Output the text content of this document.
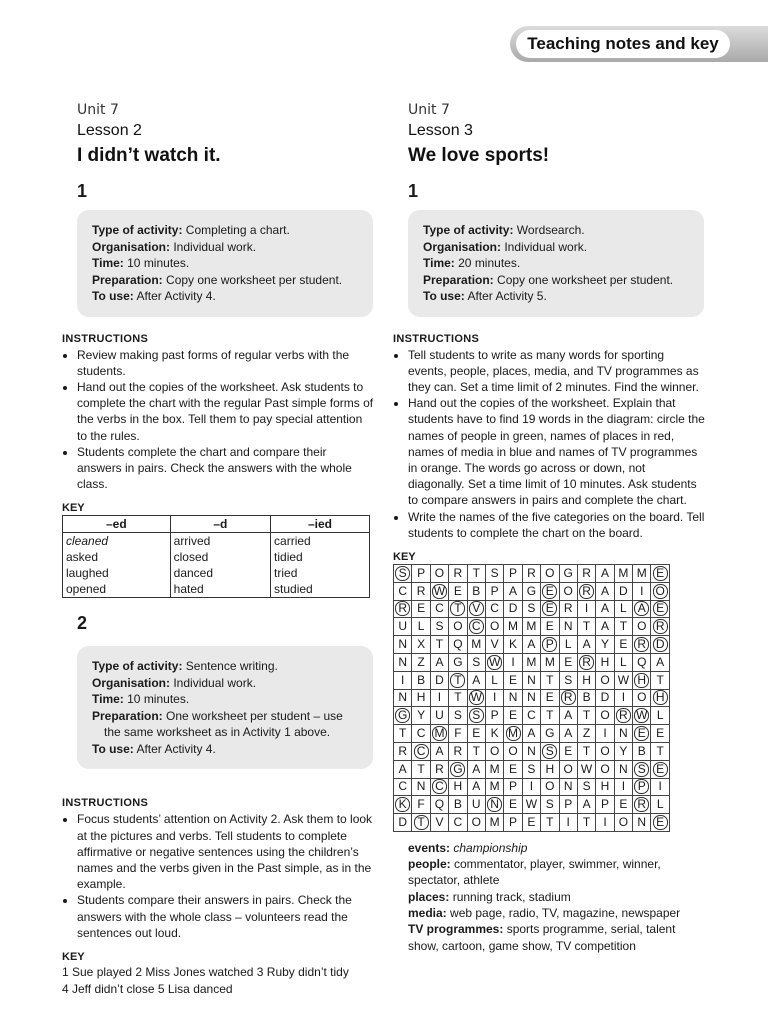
Teaching notes and key
Unit 7
Lesson 2
I didn’t watch it.
1
Type of activity: Completing a chart.
Organisation: Individual work.
Time: 10 minutes.
Preparation: Copy one worksheet per student.
To use: After Activity 4.
INSTRUCTIONS
• Review making past forms of regular verbs with the students.
• Hand out the copies of the worksheet. Ask students to complete the chart with the regular Past simple forms of the verbs in the box. Tell them to pay special attention to the rules.
• Students complete the chart and compare their answers in pairs. Check the answers with the whole class.
KEY
–ed	–d	–ied
cleaned	arrived	carried
asked	closed	tidied
laughed	danced	tried
opened	hated	studied
2
Type of activity: Sentence writing.
Organisation: Individual work.
Time: 10 minutes.
Preparation: One worksheet per student – use
the same worksheet as in Activity 1 above.
To use: After Activity 4.
INSTRUCTIONS
• Focus students’ attention on Activity 2. Ask them to look at the pictures and verbs. Tell students to complete affirmative or negative sentences using the children’s names and the verbs given in the Past simple, as in the example.
• Students compare their answers in pairs. Check the answers with the whole class – volunteers read the sentences out loud.
KEY
1 Sue played 2 Miss Jones watched 3 Ruby didn’t tidy
4 Jeff didn’t close 5 Lisa danced
Unit 7
Lesson 3
We love sports!
1
Type of activity: Wordsearch.
Organisation: Individual work.
Time: 20 minutes.
Preparation: Copy one worksheet per student.
To use: After Activity 5.
INSTRUCTIONS
• Tell students to write as many words for sporting events, people, places, media, and TV programmes as they can. Set a time limit of 2 minutes. Find the winner.
• Hand out the copies of the worksheet. Explain that students have to find 19 words in the diagram: circle the names of people in green, names of places in red, names of media in blue and names of TV programmes in orange. The words go across or down, not diagonally. Set a time limit of 10 minutes. Ask students to compare answers in pairs and complete the chart.
• Write the names of the five categories on the board. Tell students to complete the chart on the board.
KEY
S	P	O	R	T	S	P	R	O	G	R	A	M	M	E
C	R	W	E	B	P	A	G	E	O	R	A	D	I	O
R	E	C	T	V	C	D	S	E	R	I	A	L	A	E
U	L	S	O	C	O	M	M	E	N	T	A	T	O	R
N	X	T	Q	M	V	K	A	P	L	A	Y	E	R	D
N	Z	A	G	S	W	I	M	M	E	R	H	L	Q	A
I	B	D	T	A	L	E	N	T	S	H	O	W	H	T
N	H	I	T	W	I	N	N	E	R	B	D	I	O	H
G	Y	U	S	S	P	E	C	T	A	T	O	R	W	L
T	C	M	F	E	K	M	A	G	A	Z	I	N	E	E
R	C	A	R	T	O	O	N	S	E	T	O	Y	B	T
A	T	R	G	A	M	E	S	H	O	W	O	N	S	E
C	N	C	H	A	M	P	I	O	N	S	H	I	P	I
K	F	Q	B	U	N	E	W	S	P	A	P	E	R	L
D	T	V	C	O	M	P	E	T	I	T	I	O	N	E
events: championship
people: commentator, player, swimmer, winner, spectator, athlete
places: running track, stadium
media: web page, radio, TV, magazine, newspaper
TV programmes: sports programme, serial, talent show, cartoon, game show, TV competition
